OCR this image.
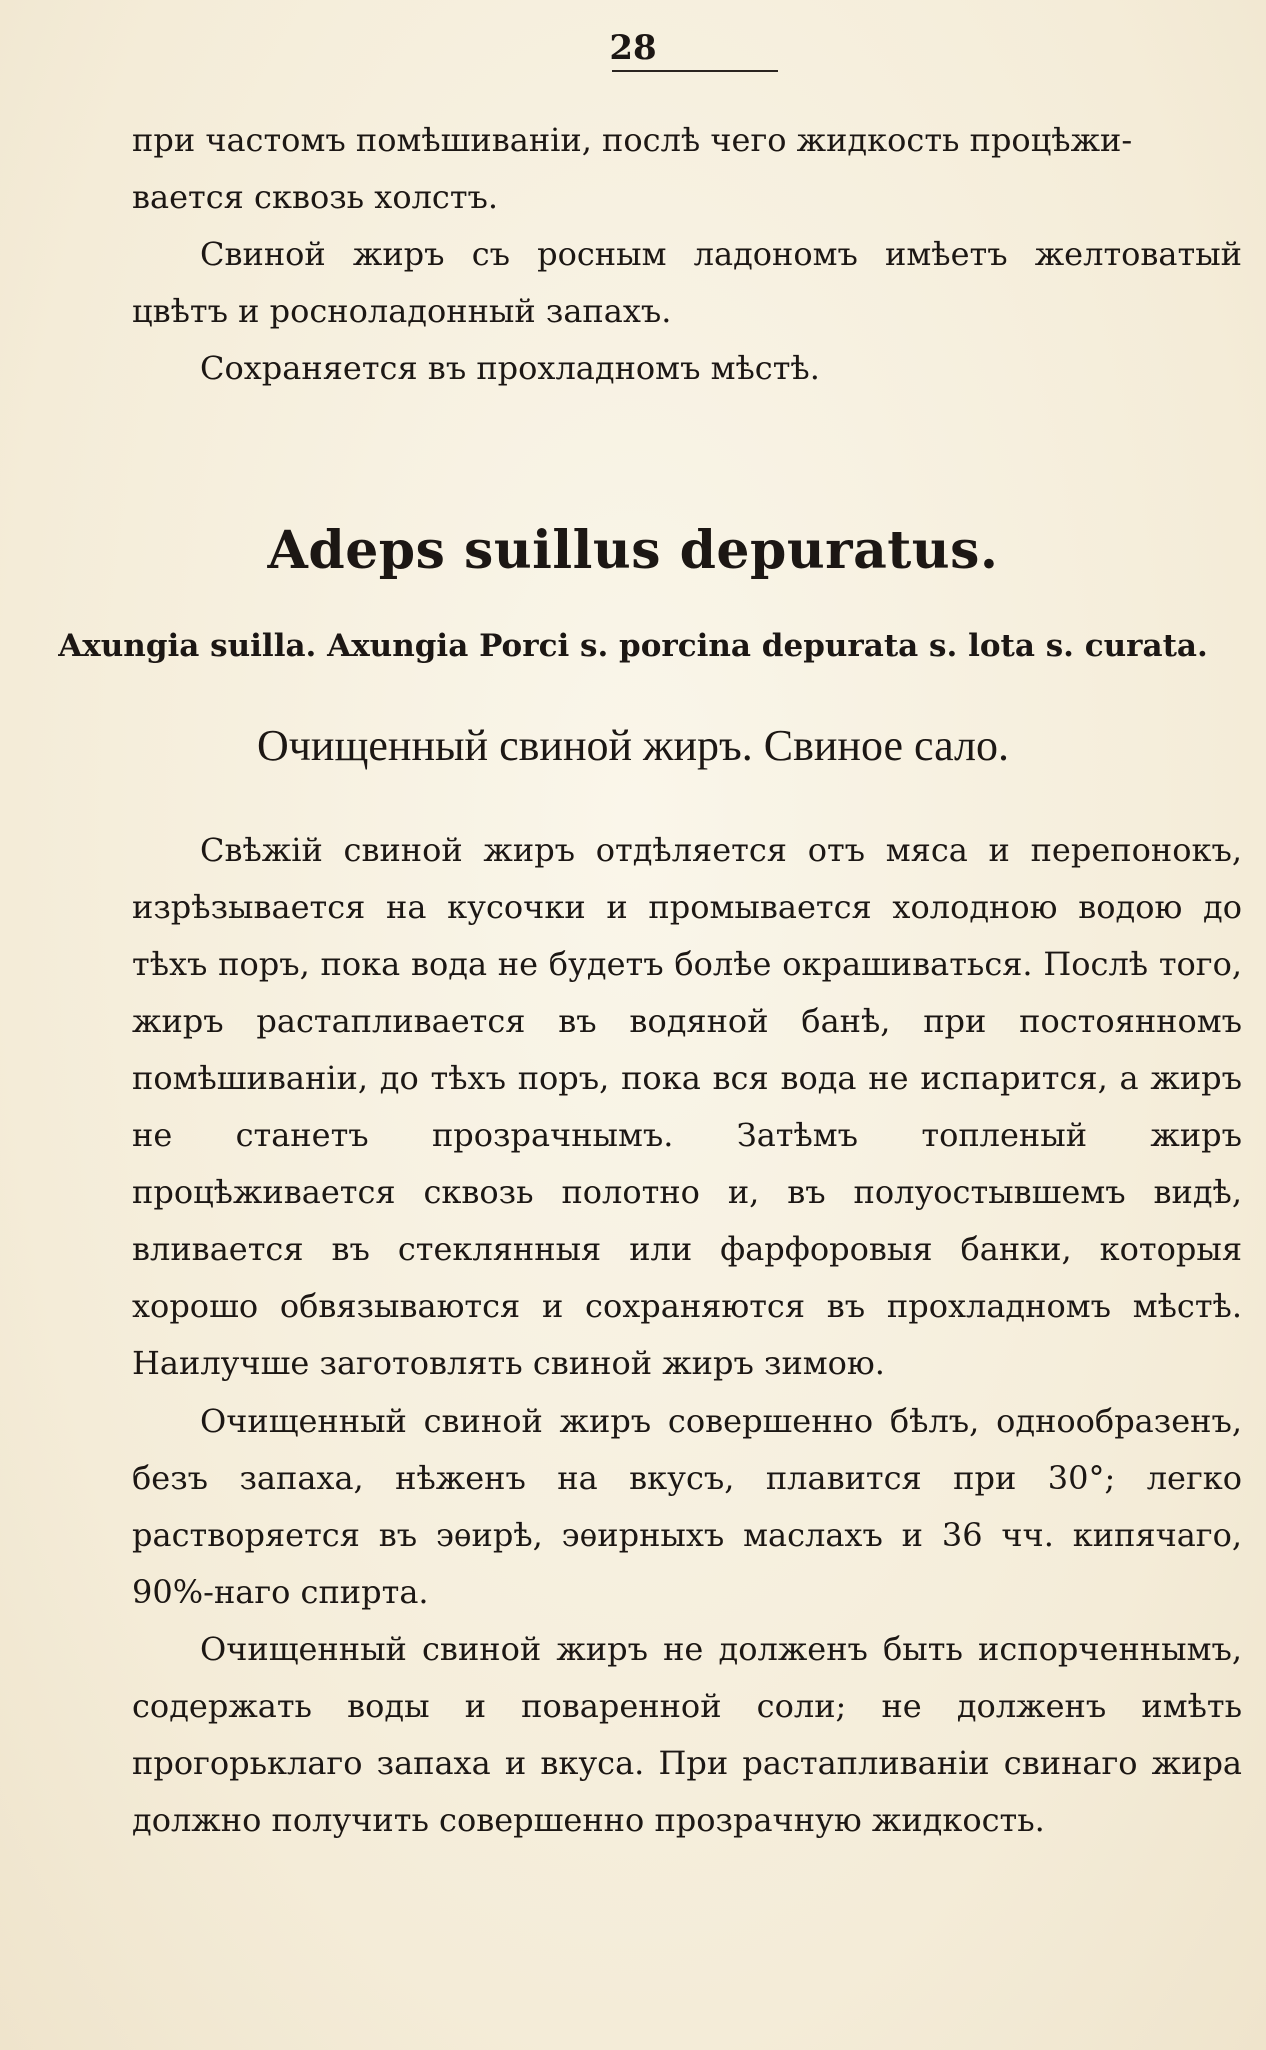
28

при частомъ помѣшиванiи, послѣ чего жидкость процѣжи-

вается сквозь холстъ.

Свиной жиръ съ росным ладономъ имѣетъ желтоватый цвѣтъ и росноладонный запахъ.

Сохраняется въ прохладномъ мѣстѣ.

Adeps suillus depuratus.
Axungia suilla. Axungia Porci s. porcina depurata s. lota s. curata.
Очищенный свиной жиръ. Свиное сало.

Свѣжiй свиной жиръ отдѣляется отъ мяса и перепонокъ, изрѣзывается на кусочки и промывается холодною водою до тѣхъ поръ, пока вода не будетъ болѣе окрашиваться. Послѣ того, жиръ растапливается въ водяной банѣ, при постоянномъ помѣшиванiи, до тѣхъ поръ, пока вся вода не испарится, а жиръ не станетъ прозрачнымъ. Затѣмъ топленый жиръ процѣживается сквозь полотно и, въ полуостывшемъ видѣ, вливается въ стеклянныя или фарфоровыя банки, которыя хорошо обвязываются и сохраняются въ прохладномъ мѣстѣ. Наилучше заготовлять свиной жиръ зимою.

Очищенный свиной жиръ совершенно бѣлъ, однообразенъ, безъ запаха, нѣженъ на вкусъ, плавится при 30°; легко растворяется въ эѳирѣ, эѳирныхъ маслахъ и 36 чч. кипячаго, 90%-наго спирта.

Очищенный свиной жиръ не долженъ быть испорченнымъ, содержать воды и поваренной соли; не долженъ имѣть прогорьклаго запаха и вкуса. При растапливанiи свинаго жира должно получить совершенно прозрачную жидкость.
